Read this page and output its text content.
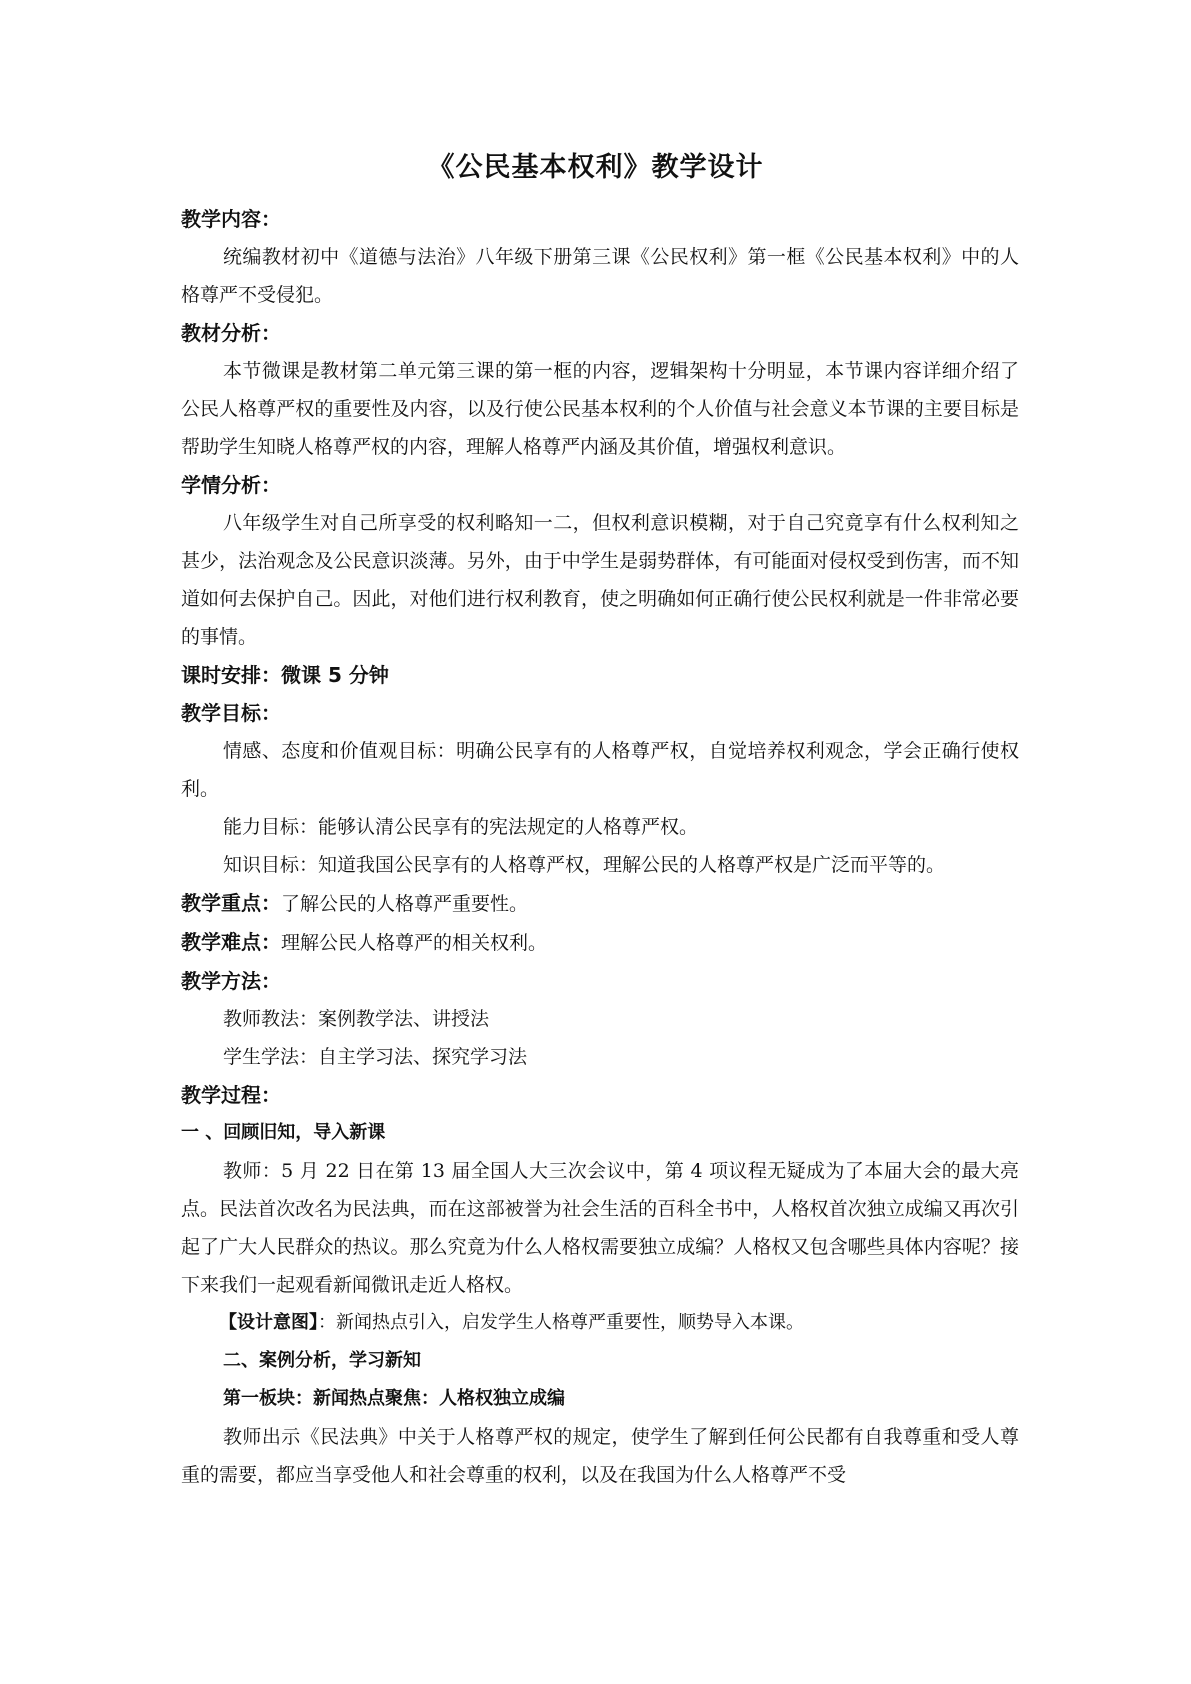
《公民基本权利》教学设计
教学内容：
统编教材初中《道德与法治》八年级下册第三课《公民权利》第一框《公民基本权利》中的人格尊严不受侵犯。
教材分析：
本节微课是教材第二单元第三课的第一框的内容，逻辑架构十分明显，本节课内容详细介绍了公民人格尊严权的重要性及内容，以及行使公民基本权利的个人价值与社会意义本节课的主要目标是帮助学生知晓人格尊严权的内容，理解人格尊严内涵及其价值，增强权利意识。
学情分析：
八年级学生对自己所享受的权利略知一二，但权利意识模糊，对于自己究竟享有什么权利知之甚少，法治观念及公民意识淡薄。另外，由于中学生是弱势群体，有可能面对侵权受到伤害，而不知道如何去保护自己。因此，对他们进行权利教育，使之明确如何正确行使公民权利就是一件非常必要的事情。
课时安排：微课 5 分钟
教学目标：
情感、态度和价值观目标：明确公民享有的人格尊严权，自觉培养权利观念，学会正确行使权利。
能力目标：能够认清公民享有的宪法规定的人格尊严权。
知识目标：知道我国公民享有的人格尊严权，理解公民的人格尊严权是广泛而平等的。
教学重点：了解公民的人格尊严重要性。
教学难点：理解公民人格尊严的相关权利。
教学方法：
教师教法：案例教学法、讲授法
学生学法：自主学习法、探究学习法
教学过程：
一 、回顾旧知，导入新课
教师：5 月 22 日在第 13 届全国人大三次会议中，第 4 项议程无疑成为了本届大会的最大亮点。民法首次改名为民法典，而在这部被誉为社会生活的百科全书中，人格权首次独立成编又再次引起了广大人民群众的热议。那么究竟为什么人格权需要独立成编？人格权又包含哪些具体内容呢？接下来我们一起观看新闻微讯走近人格权。
【设计意图】：新闻热点引入，启发学生人格尊严重要性，顺势导入本课。
二、案例分析，学习新知
第一板块：新闻热点聚焦：人格权独立成编
教师出示《民法典》中关于人格尊严权的规定，使学生了解到任何公民都有自我尊重和受人尊重的需要，都应当享受他人和社会尊重的权利，以及在我国为什么人格尊严不受
